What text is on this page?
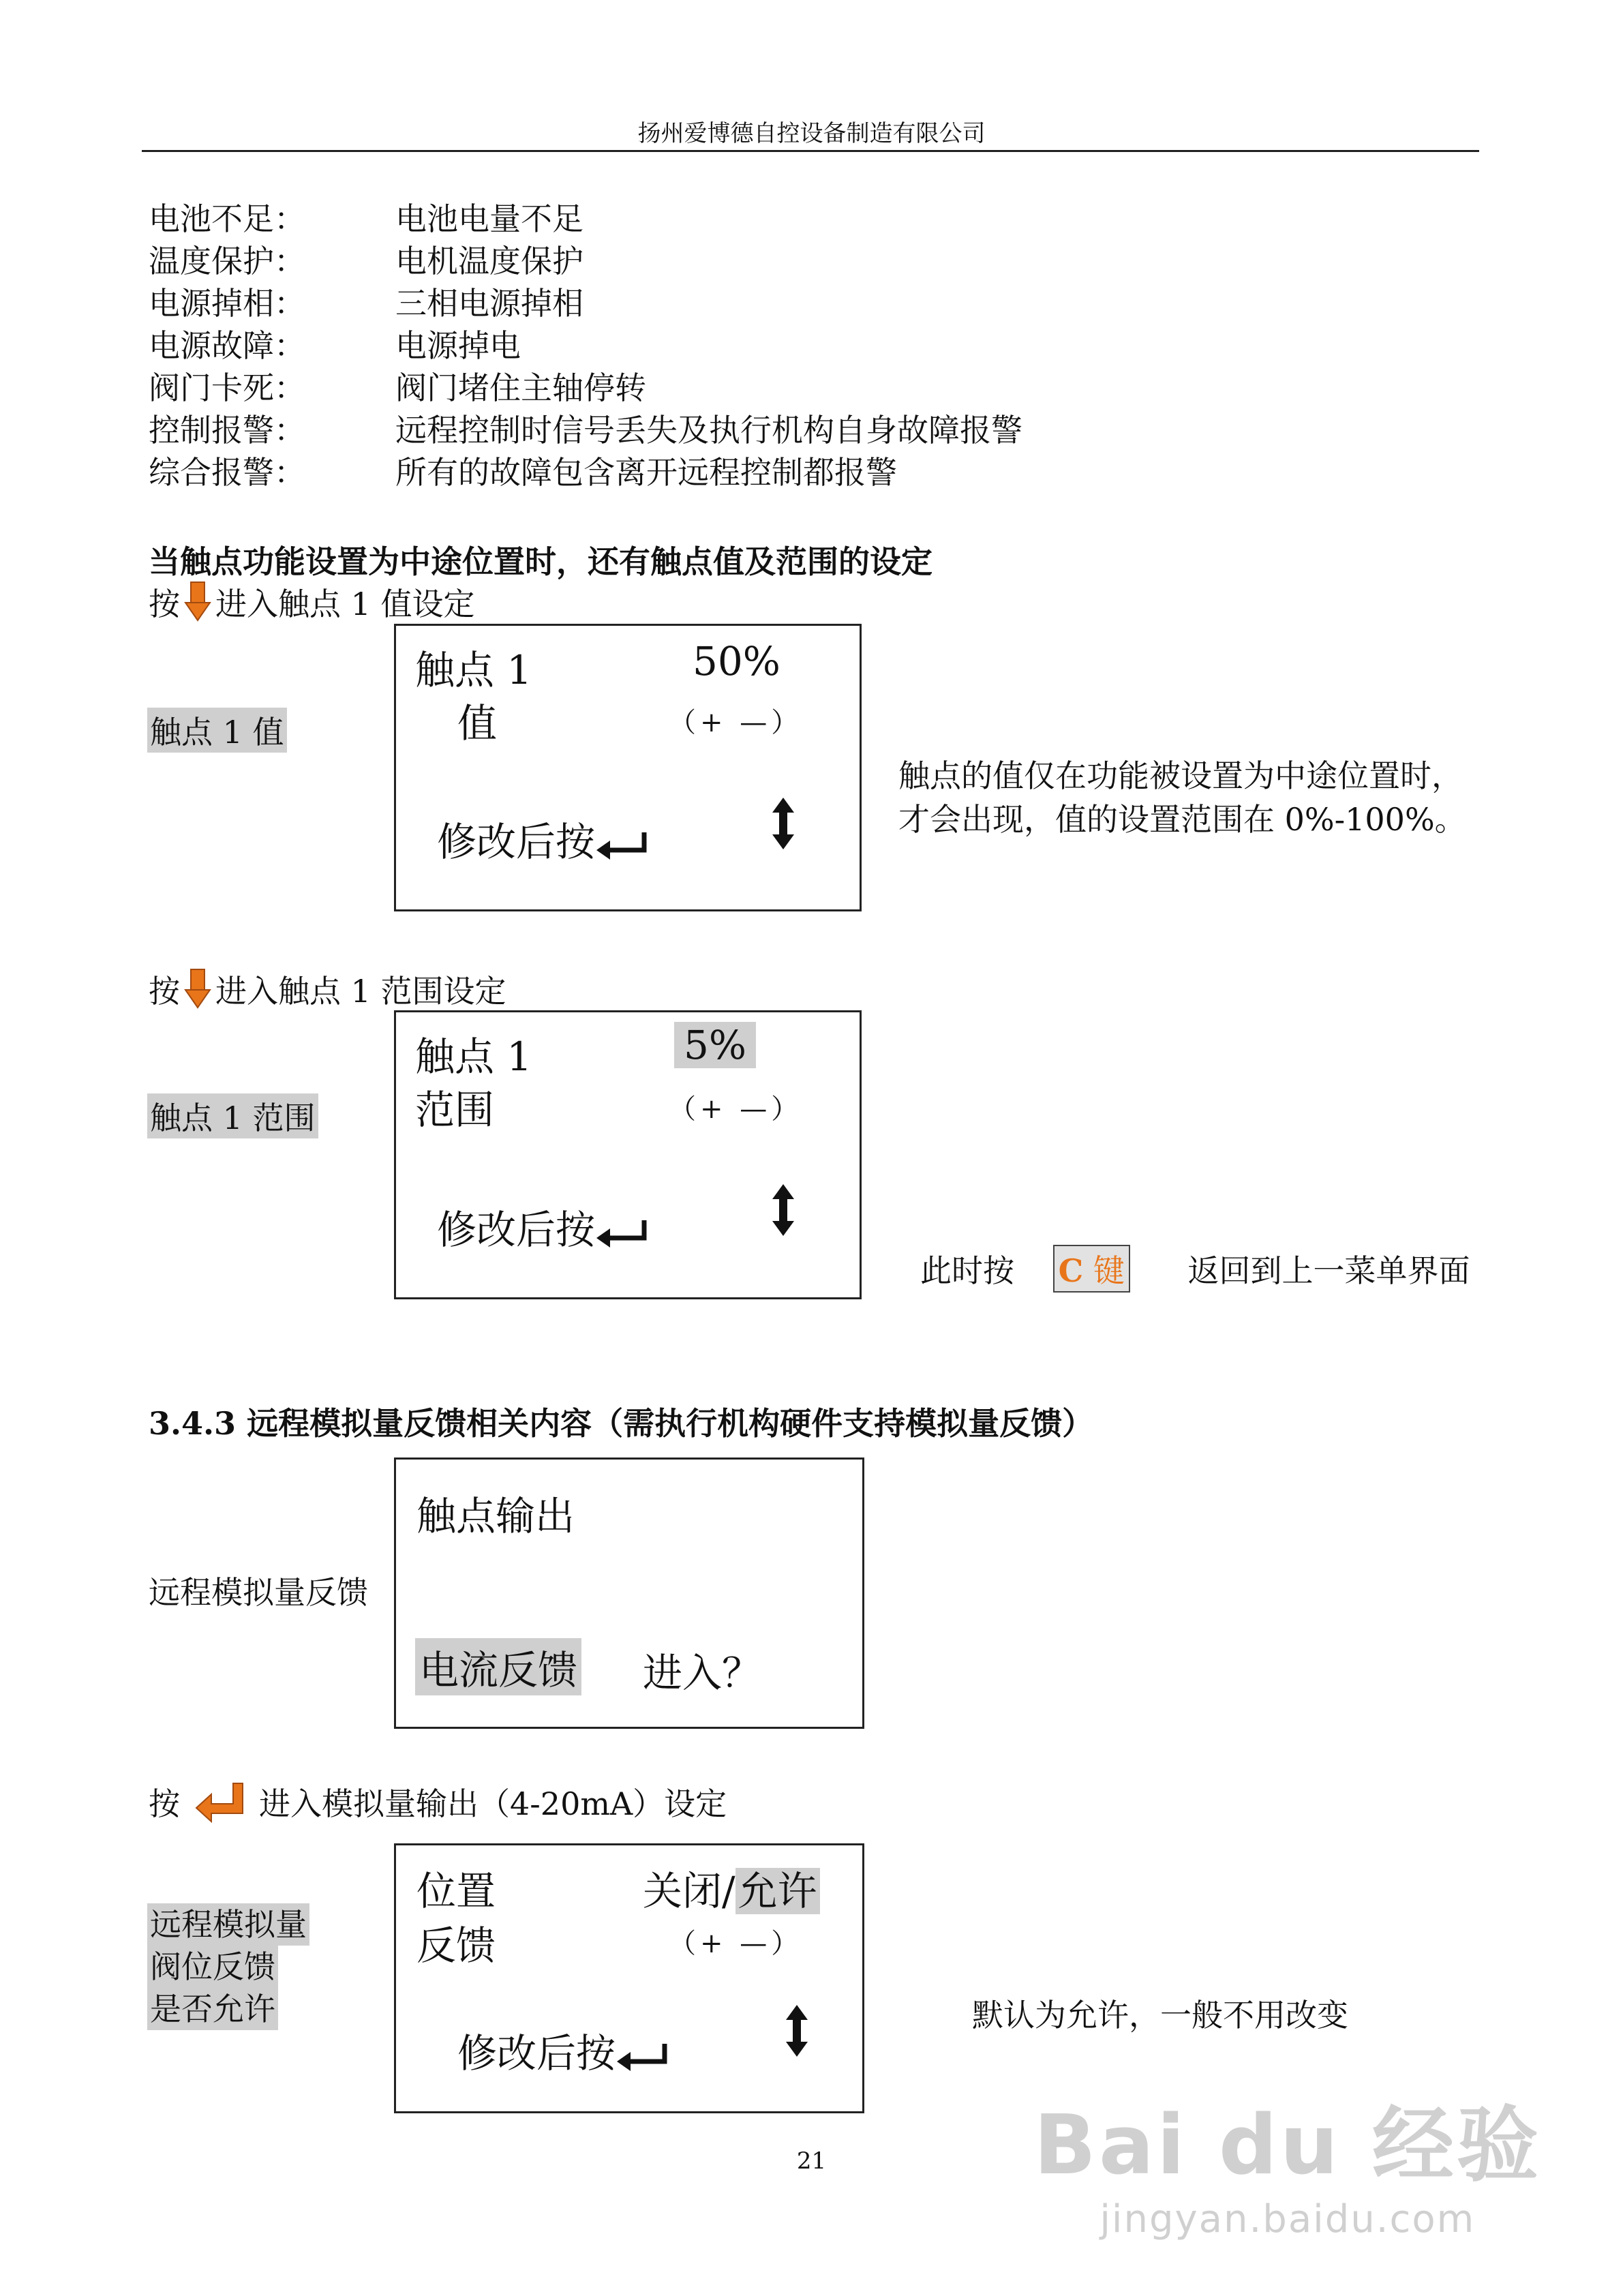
扬州爱博德自控设备制造有限公司
电池不足：	电池电量不足
温度保护：	电机温度保护
电源掉相：	三相电源掉相
电源故障：	电源掉电
阀门卡死：	阀门堵住主轴停转
控制报警：	远程控制时信号丢失及执行机构自身故障报警
综合报警：	所有的故障包含离开远程控制都报警
当触点功能设置为中途位置时，还有触点值及范围的设定
按 进入触点 1 值设定
触点 1 值
触点 1	50%
值	（+ —）
修改后按
触点的值仅在功能被设置为中途位置时，
才会出现，值的设置范围在 0%-100%。
按 进入触点 1 范围设定
触点 1 范围
触点 1	5%
范围	（+ —）
修改后按
此时按 C 键 返回到上一菜单界面
3.4.3 远程模拟量反馈相关内容（需执行机构硬件支持模拟量反馈）
远程模拟量反馈
触点输出
电流反馈 进入？
按	进入模拟量输出（4-20mA）设定
远程模拟量
阀位反馈
是否允许
位置	关闭/允许
反馈	（+ —）
修改后按
默认为允许，一般不用改变
21	Bai du 经验
jingyan.baidu.com
